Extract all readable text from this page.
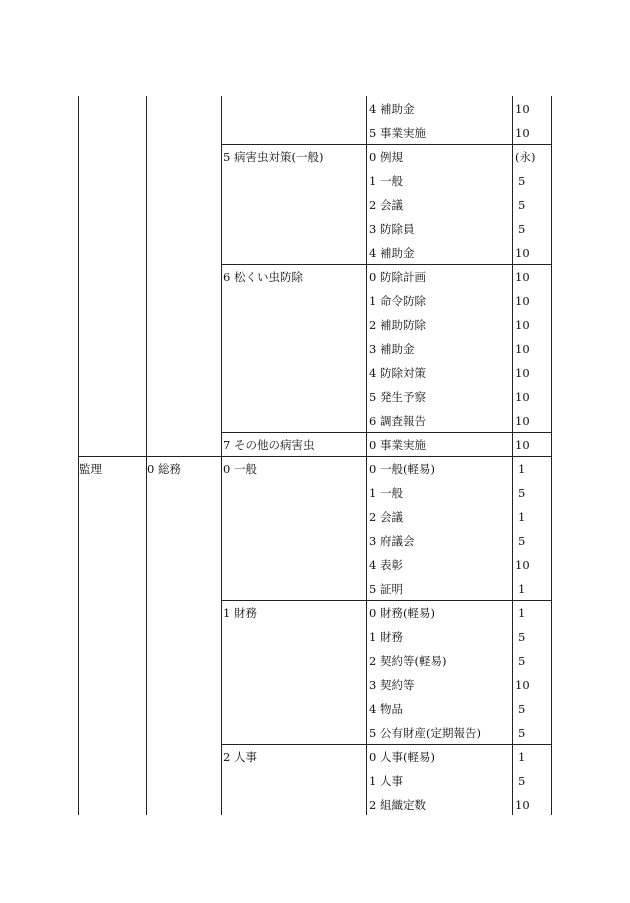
4 補助金	10
5 事業実施	10
5 病害虫対策(一般)	0 例規	(永)
1 一般	5
2 会議	5
3 防除員	5
4 補助金	10
6 松くい虫防除	0 防除計画	10
1 命令防除	10
2 補助防除	10
3 補助金	10
4 防除対策	10
5 発生予察	10
6 調査報告	10
7 その他の病害虫	0 事業実施	10
監理	0 総務	0 一般	0 一般(軽易)	1
1 一般	5
2 会議	1
3 府議会	5
4 表彰	10
5 証明	1
1 財務	0 財務(軽易)	1
1 財務	5
2 契約等(軽易)	5
3 契約等	10
4 物品	5
5 公有財産(定期報告)	5
2 人事	0 人事(軽易)	1
1 人事	5
2 組織定数	10
